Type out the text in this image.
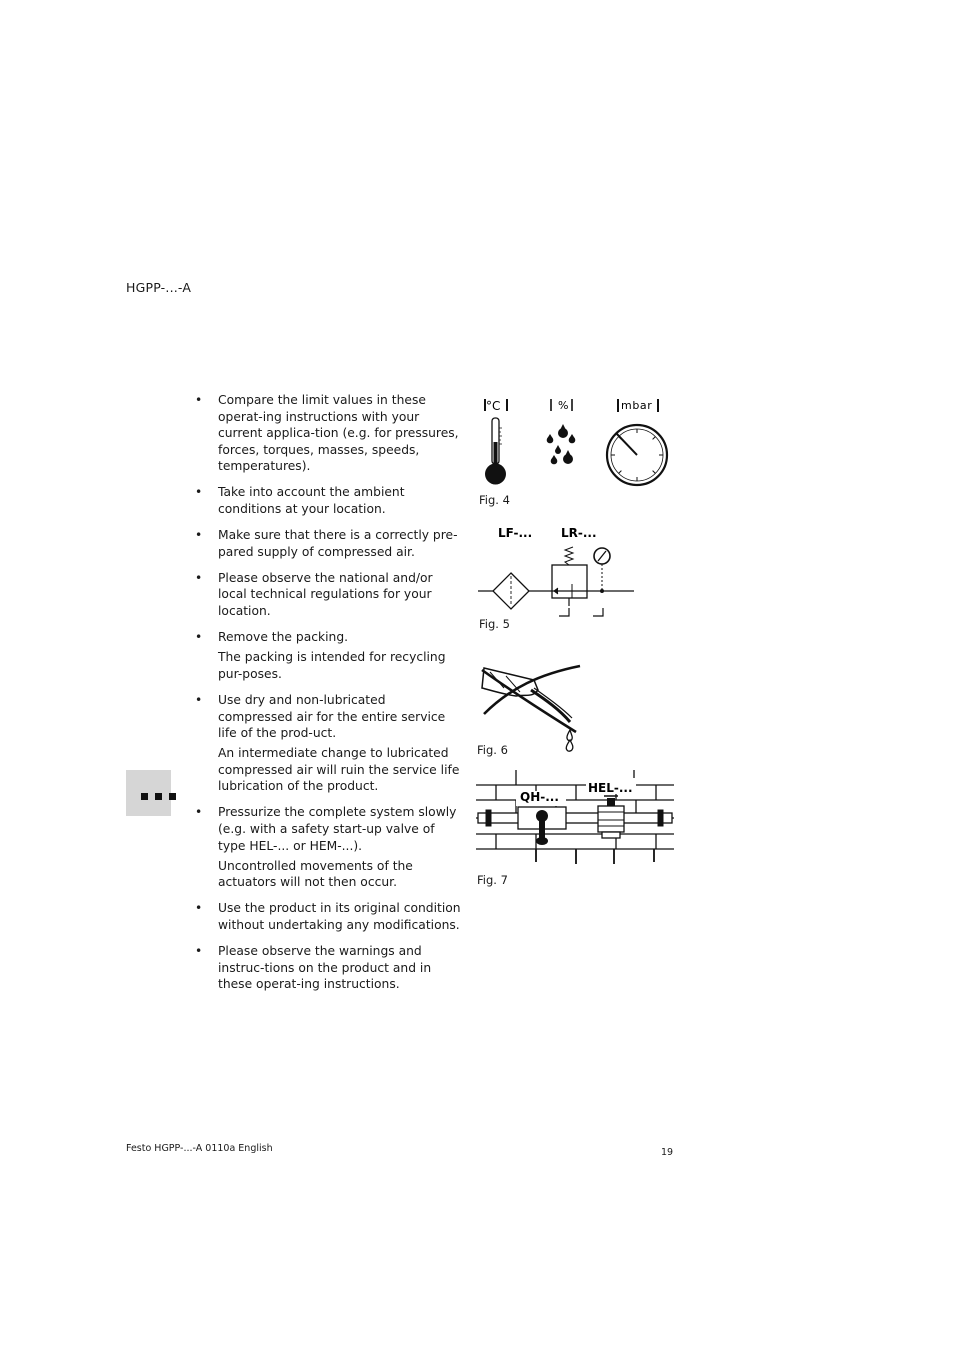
HGPP-...-A
• Compare the limit values in these operat-ing instructions with your current applica-tion (e.g. for pressures, forces, torques, masses, speeds, temperatures).

• Take into account the ambient conditions at your location.

• Make sure that there is a correctly pre-pared supply of compressed air.

• Please observe the national and/or local technical regulations for your location.

• Remove the packing.

The packing is intended for recycling pur-poses.

• Use dry and non-lubricated compressed air for the entire service life of the prod-uct.

An intermediate change to lubricated compressed air will ruin the service life lubrication of the product.

• Pressurize the complete system slowly (e.g. with a safety start-up valve of type HEL-... or HEM-...).

Uncontrolled movements of the actuators will not then occur.

• Use the product in its original condition without undertaking any modifications.

• Please observe the warnings and instruc-tions on the product and in these operat-ing instructions.

°C	%	mbar
Fig. 4
LF-... LR-...
Fig. 5
Fig. 6
QH-...
HEL-...
Fig. 7
Festo HGPP-...-A 0110a English	19
